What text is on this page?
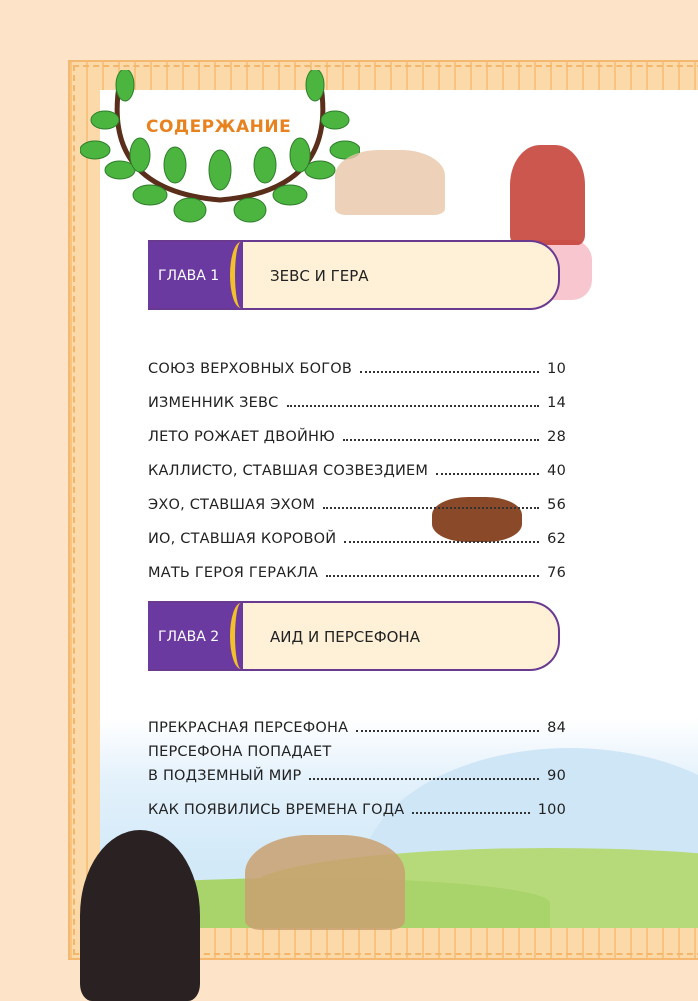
СОДЕРЖАНИЕ
ГЛАВА 1	ЗЕВС И ГЕРА
СОЮЗ ВЕРХОВНЫХ БОГОВ	10
ИЗМЕННИК ЗЕВС	14
ЛЕТО РОЖАЕТ ДВОЙНЮ	28
КАЛЛИСТО, СТАВШАЯ СОЗВЕЗДИЕМ	40
ЭХО, СТАВШАЯ ЭХОМ	56
ИО, СТАВШАЯ КОРОВОЙ	62
МАТЬ ГЕРОЯ ГЕРАКЛА	76
ГЛАВА 2	АИД И ПЕРСЕФОНА
ПРЕКРАСНАЯ ПЕРСЕФОНА	84
ПЕРСЕФОНА ПОПАДАЕТ
В ПОДЗЕМНЫЙ МИР	90
КАК ПОЯВИЛИСЬ ВРЕМЕНА ГОДА	100
